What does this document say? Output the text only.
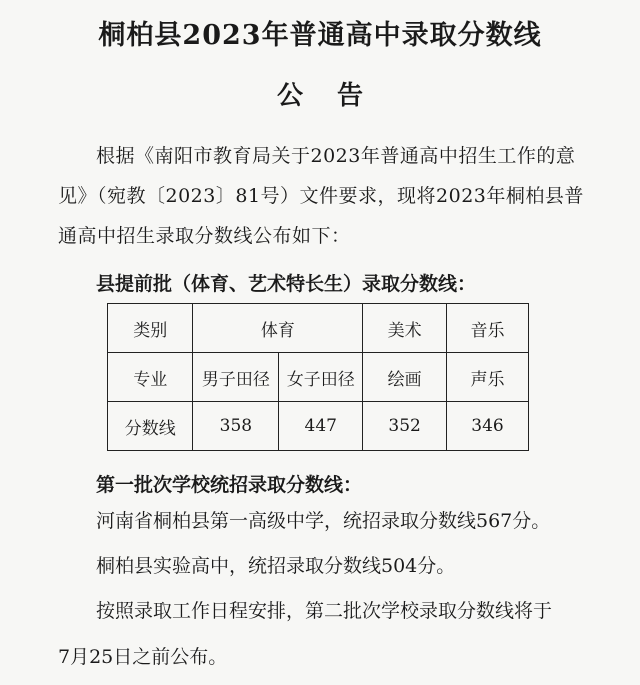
桐柏县2023年普通高中录取分数线
公告
根据《南阳市教育局关于2023年普通高中招生工作的意见》（宛教〔2023〕81号）文件要求，现将2023年桐柏县普通高中招生录取分数线公布如下：
县提前批（体育、艺术特长生）录取分数线：
类别	体育		美术	音乐
专业	男子田径	女子田径	绘画	声乐
分数线	358	447	352	346
第一批次学校统招录取分数线：
河南省桐柏县第一高级中学，统招录取分数线567分。
桐柏县实验高中，统招录取分数线504分。
按照录取工作日程安排，第二批次学校录取分数线将于
7月25日之前公布。
